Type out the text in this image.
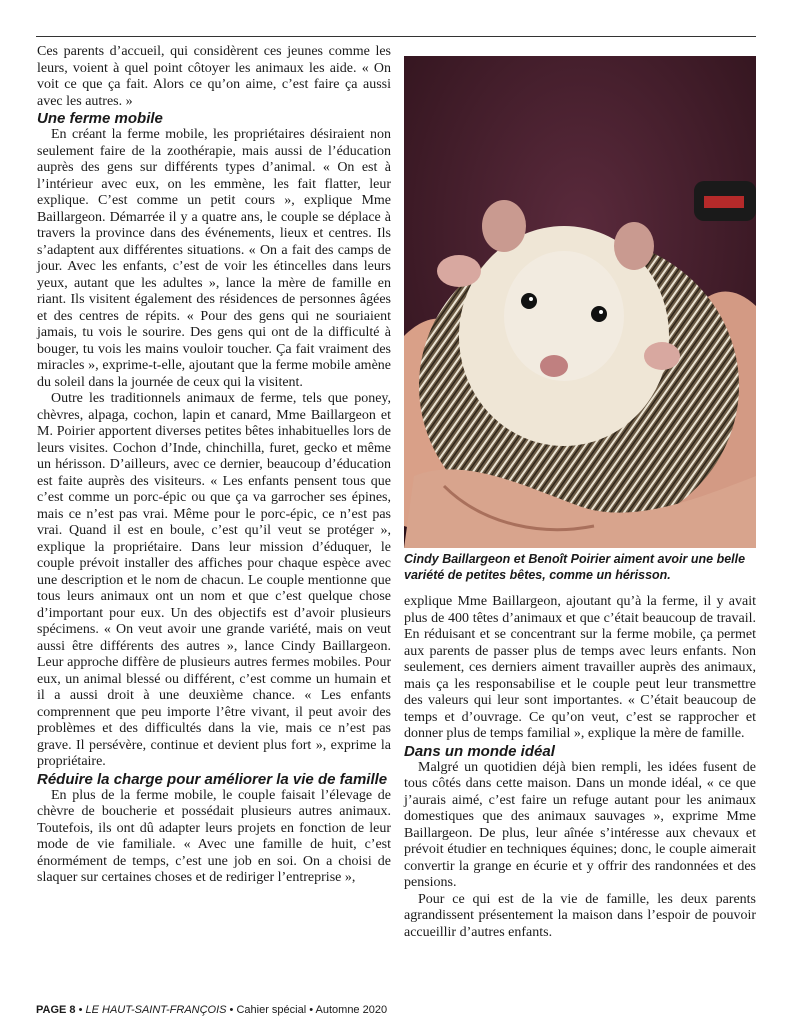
Ces parents d’accueil, qui considèrent ces jeunes comme les leurs, voient à quel point côtoyer les animaux les aide. « On voit ce que ça fait. Alors ce qu’on aime, c’est faire ça aussi avec les autres. »

Une ferme mobile

En créant la ferme mobile, les propriétaires désiraient non seulement faire de la zoothérapie, mais aussi de l’éducation auprès des gens sur différents types d’animal. « On est à l’intérieur avec eux, on les emmène, les fait flatter, leur explique. C’est comme un petit cours », explique Mme Baillargeon. Démarrée il y a quatre ans, le couple se déplace à travers la province dans des événements, lieux et centres. Ils s’adaptent aux différentes situations. « On a fait des camps de jour. Avec les enfants, c’est de voir les étincelles dans leurs yeux, autant que les adultes », lance la mère de famille en riant. Ils visitent également des résidences de personnes âgées et des centres de répits. « Pour des gens qui ne souriaient jamais, tu vois le sourire. Des gens qui ont de la difficulté à bouger, tu vois les mains vouloir toucher. Ça fait vraiment des miracles », exprime-t-elle, ajoutant que la ferme mobile amène du soleil dans la journée de ceux qui la visitent.

Outre les traditionnels animaux de ferme, tels que poney, chèvres, alpaga, cochon, lapin et canard, Mme Baillargeon et M. Poirier apportent diverses petites bêtes inhabituelles lors de leurs visites. Cochon d’Inde, chinchilla, furet, gecko et même un hérisson. D’ailleurs, avec ce dernier, beaucoup d’éducation est faite auprès des visiteurs. « Les enfants pensent tous que c’est comme un porc-épic ou que ça va garrocher ses épines, mais ce n’est pas vrai. Même pour le porc-épic, ce n’est pas vrai. Quand il est en boule, c’est qu’il veut se protéger », explique la propriétaire. Dans leur mission d’éduquer, le couple prévoit installer des affiches pour chaque espèce avec une description et le nom de chacun. Le couple mentionne que tous leurs animaux ont un nom et que c’est quelque chose d’important pour eux. Un des objectifs est d’avoir plusieurs spécimens. « On veut avoir une grande variété, mais on veut aussi être différents des autres », lance Cindy Baillargeon. Leur approche diffère de plusieurs autres fermes mobiles. Pour eux, un animal blessé ou différent, c’est comme un humain et il a aussi droit à une deuxième chance. « Les enfants comprennent que peu importe l’être vivant, il peut avoir des problèmes et des difficultés dans la vie, mais ce n’est pas grave. Il persévère, continue et devient plus fort », exprime la propriétaire.

Réduire la charge pour améliorer la vie de famille

En plus de la ferme mobile, le couple faisait l’élevage de chèvre de boucherie et possédait plusieurs autres animaux. Toutefois, ils ont dû adapter leurs projets en fonction de leur mode de vie familiale. « Avec une famille de huit, c’est énormément de temps, c’est une job en soi. On a choisi de slaquer sur certaines choses et de rediriger l’entreprise »,

Cindy Baillargeon et Benoît Poirier aiment avoir une belle variété de petites bêtes, comme un hérisson.

explique Mme Baillargeon, ajoutant qu’à la ferme, il y avait plus de 400 têtes d’animaux et que c’était beaucoup de travail. En réduisant et se concentrant sur la ferme mobile, ça permet aux parents de passer plus de temps avec leurs enfants. Non seulement, ces derniers aiment travailler auprès des animaux, mais ça les responsabilise et le couple peut leur transmettre des valeurs qui leur sont importantes. « C’était beaucoup de temps et d’ouvrage. Ce qu’on veut, c’est se rapprocher et donner plus de temps familial », explique la mère de famille.

Dans un monde idéal

Malgré un quotidien déjà bien rempli, les idées fusent de tous côtés dans cette maison. Dans un monde idéal, « ce que j’aurais aimé, c’est faire un refuge autant pour les animaux domestiques que des animaux sauvages », exprime Mme Baillargeon. De plus, leur aînée s’intéresse aux chevaux et prévoit étudier en techniques équines; donc, le couple aimerait convertir la grange en écurie et y offrir des randonnées et des pensions.

Pour ce qui est de la vie de famille, les deux parents agrandissent présentement la maison dans l’espoir de pouvoir accueillir d’autres enfants.

PAGE 8 • LE HAUT-SAINT-FRANÇOIS • Cahier spécial • Automne 2020
